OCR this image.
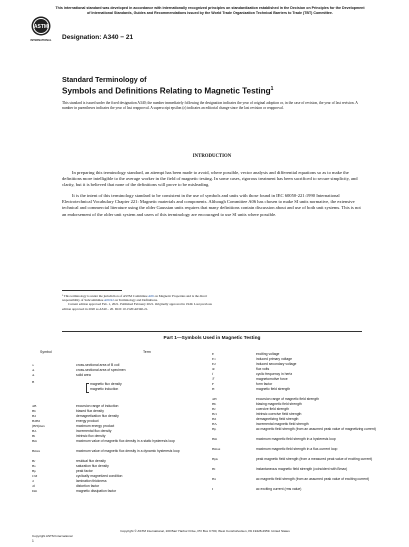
This international standard was developed in accordance with internationally recognized principles on standardization established in the Decision on Principles for the Development of International Standards, Guides and Recommendations issued by the World Trade Organization Technical Barriers to Trade (TBT) Committee.
ASTM
INTERNATIONAL Designation: A340 − 21
Standard Terminology of
Symbols and Definitions Relating to Magnetic Testing$^1$
This standard is issued under the fixed designation A340; the number immediately following the designation indicates the year of original adoption or, in the case of revision, the year of last revision. A number in parentheses indicates the year of last reapproval. A superscript epsilon (ε) indicates an editorial change since the last revision or reapproval.
INTRODUCTION
In preparing this terminology standard, an attempt has been made to avoid, where possible, vector analysis and differential equations so as to make the definitions more intelligible to the average worker in the field of magnetic testing. In some cases, rigorous treatment has been sacrificed to secure simplicity, and clarity, but it is believed that none of the definitions will prove to be misleading.
It is the intent of this terminology standard to be consistent in the use of symbols and units with those found in IEC 60050-221:1990 International Electrotechnical Vocabulary Chapter 221: Magnetic materials and components. Although Committee A06 has chosen to make SI units normative, the extensive technical and commercial literature using the older Gaussian units requires that many definitions contain discussion about and use of both unit systems. This is not an endorsement of the older unit system and users of this terminology are encouraged to use SI units where possible.
¹ This terminology is under the jurisdiction of ASTM Committee A06 on Magnetic Properties and is the direct responsibility of Subcommittee A06.92 on Terminology and Definitions.
Current edition approved Feb. 1, 2021. Published February 2021. Originally approved in 1949. Last previous edition approved in 2020 as A340 – 20. DOI: 10.1520/A0340-21.
Part 1—Symbols Used in Magnetic Testing
Symbol	Term
a	cross-sectional area of B coil
A	cross-sectional area of specimen
A	solid area
B	magnetic flux density
magnetic induction
ΔB	excursion range of induction
Bb	biased flux density
Bd	demagnetization flux density
BdHd	energy product
(BH)max	maximum energy product
BΔ	incremental flux density
Bi	intrinsic flux density
Bm	maximum value of magnetic flux density in a static hysteresis loop
Bmax	maximum value of magnetic flux density in a dynamic hysteresis loop
Br	residual flux density
Bs	saturation flux density
Bp	peak factor
CM	cyclically magnetized condition
d	lamination thickness
df	distortion factor
Dm	magnetic dissipation factor
E	exciting voltage
E1	induced primary voltage
E2	induced secondary voltage
Φ	flux volts
f	cyclic frequency in hertz
ℱ	magnetomotive force
F	form factor
H	magnetic field strength
ΔH	excursion range of magnetic field strength
Hb	biasing magnetic field strength
Hc	coercive field strength
Hci	intrinsic coercive field strength
Hd	demagnetizing field strength
HΔ	incremental magnetic field strength
Hp	ac magnetic field strength (from an assumed peak value of magnetizing current)
Hm	maximum magnetic field strength in a hysteresis loop
Hmax	maximum magnetic field strength in a flux-current loop
Hpk	peak magnetic field strength (from a measured peak value of exciting current)
Ht	instantaneous magnetic field strength (coincident with Bmax)
Hz	ac magnetic field strength (from an assumed peak value of exciting current)
I	ac exciting current (rms value)
Copyright © ASTM International, 100 Barr Harbor Drive, PO Box C700, West Conshohocken, PA 19428-2959. United States
Copyright ASTM International
1
